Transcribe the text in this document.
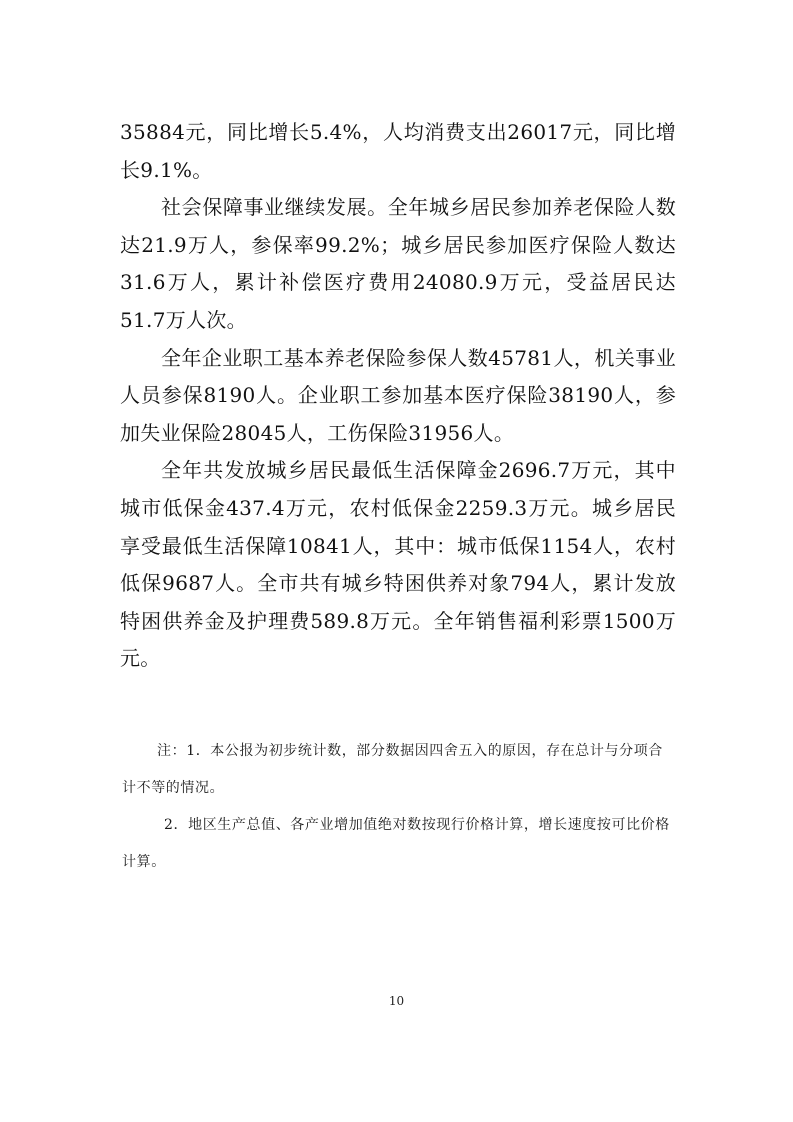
35884元，同比增长5.4%，人均消费支出26017元，同比增长9.1%。

社会保障事业继续发展。全年城乡居民参加养老保险人数达21.9万人，参保率99.2%；城乡居民参加医疗保险人数达31.6万人，累计补偿医疗费用24080.9万元，受益居民达51.7万人次。

全年企业职工基本养老保险参保人数45781人，机关事业人员参保8190人。企业职工参加基本医疗保险38190人，参加失业保险28045人，工伤保险31956人。

全年共发放城乡居民最低生活保障金2696.7万元，其中城市低保金437.4万元，农村低保金2259.3万元。城乡居民享受最低生活保障10841人，其中：城市低保1154人，农村低保9687人。全市共有城乡特困供养对象794人，累计发放特困供养金及护理费589.8万元。全年销售福利彩票1500万元。

注：1．本公报为初步统计数，部分数据因四舍五入的原因，存在总计与分项合计不等的情况。

2．地区生产总值、各产业增加值绝对数按现行价格计算，增长速度按可比价格计算。

10
